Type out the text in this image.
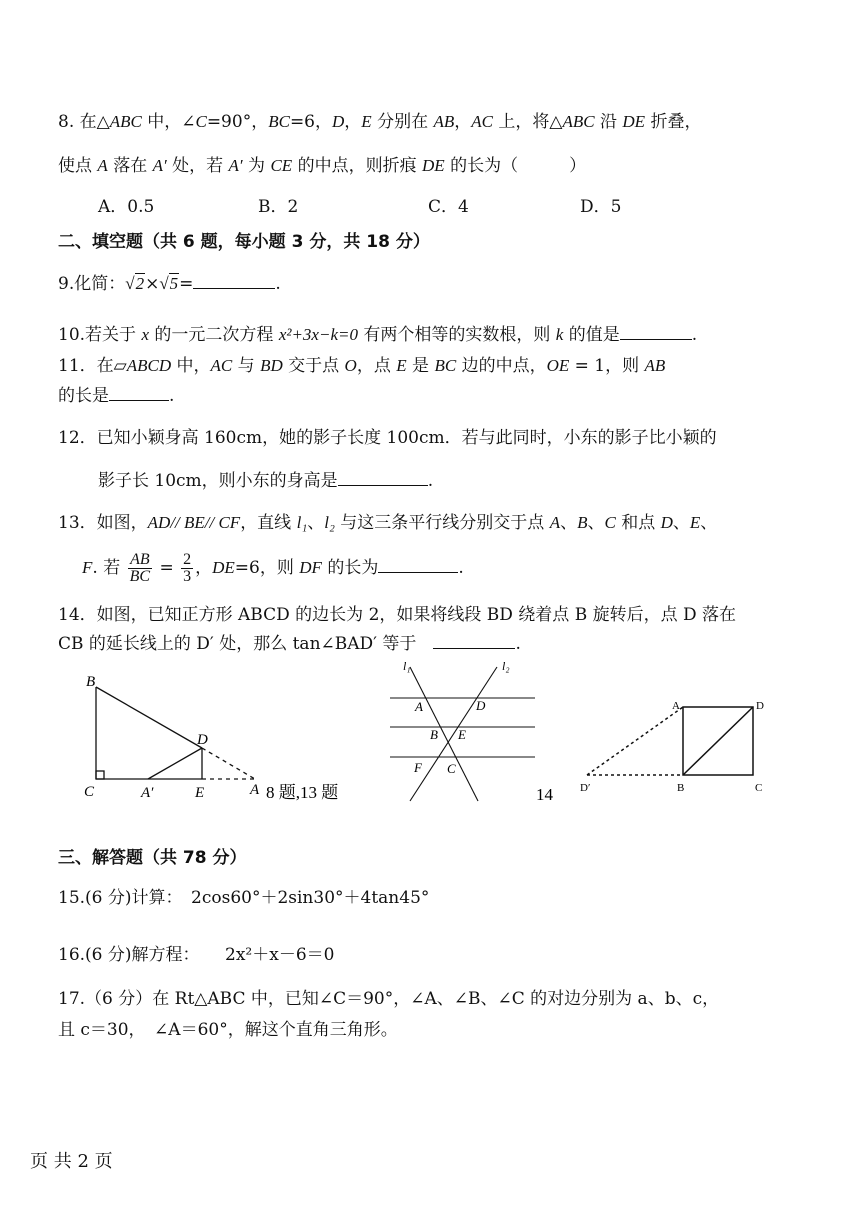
8. 在△ABC 中，∠C=90°，BC=6，D，E 分别在 AB，AC 上，将△ABC 沿 DE 折叠，
使点 A 落在 A′ 处，若 A′ 为 CE 的中点，则折痕 DE 的长为（　　　）
A．0.5	B．2	C．4	D．5
二、填空题（共 6 题，每小题 3 分，共 18 分）
9.化简：√2×√5=	.
10.若关于 x 的一元二次方程 x²+3x−k=0 有两个相等的实数根，则 k 的值是	.
11．在▱ABCD 中，AC 与 BD 交于点 O，点 E 是 BC 边的中点，OE = 1，则 AB
的长是	.
12．已知小颖身高 160cm，她的影子长度 100cm．若与此同时，小东的影子比小颖的
影子长 10cm，则小东的身高是	.
13．如图，AD// BE// CF，直线 l₁、l₂ 与这三条平行线分别交于点 A、B、C 和点 D、E、
F. 若 $\frac{AB}{BC} = \frac{2}{3}$ ，DE=6，则 DF 的长为	.
14．如图，已知正方形 ABCD 的边长为 2，如果将线段 BD 绕着点 B 旋转后，点 D 落在
CB 的延长线上的 D′ 处，那么 tan∠BAD′ 等于　	.
B
D
C	A′	E	A 8 题,13 题
l₁	l₂
A	D
B E
F C
14
A	D
D′	B	C
三、解答题（共 78 分）
15.(6 分)计算：　 2cos60°＋2sin30°＋4tan45°
16.(6 分)解方程：　　 2x²＋x－6＝0
17.（6 分）在 Rt△ABC 中，已知∠C＝90°，∠A、∠B、∠C 的对边分别为 a、b、c，
且 c＝30，　∠A＝60°，解这个直角三角形。
页 共 2 页
